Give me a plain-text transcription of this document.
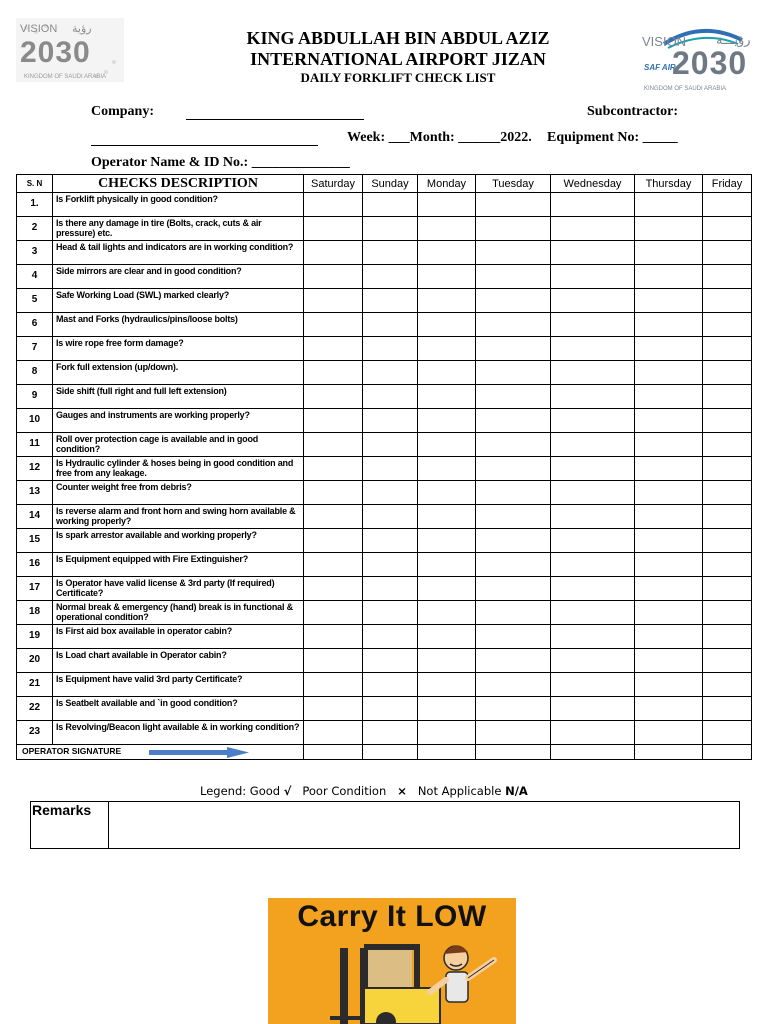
VISION رؤية
2030
KINGDOM OF SAUDI ARABIA
KING ABDULLAH BIN ABDUL AZIZ
INTERNATIONAL AIRPORT JIZAN
DAILY FORKLIFT CHECK LIST
VISION رؤيـــة
2030
SAF AIR
KINGDOM OF SAUDI ARABIA
Company:	Subcontractor:
Week: ___Month: ______2022. Equipment No: _____
Operator Name & ID No.: ______________
S. N	CHECKS DESCRIPTION	Saturday	Sunday	Monday	Tuesday	Wednesday	Thursday	Friday
1.	Is Forklift physically in good condition?							
2	Is there any damage in tire (Bolts, crack, cuts & air pressure) etc.							
3	Head & tail lights and indicators are in working condition?							
4	Side mirrors are clear and in good condition?							
5	Safe Working Load (SWL) marked clearly?							
6	Mast and Forks (hydraulics/pins/loose bolts)							
7	Is wire rope free form damage?							
8	Fork full extension (up/down).							
9	Side shift (full right and full left extension)							
10	Gauges and instruments are working properly?							
11	Roll over protection cage is available and in good condition?							
12	Is Hydraulic cylinder & hoses being in good condition and free from any leakage.							
13	Counter weight free from debris?							
14	Is reverse alarm and front horn and swing horn available & working properly?							
15	Is spark arrestor available and working properly?							
16	Is Equipment equipped with Fire Extinguisher?							
17	Is Operator have valid license & 3rd party (If required) Certificate?							
18	Normal break & emergency (hand) break is in functional & operational condition?							
19	Is First aid box available in operator cabin?							
20	Is Load chart available in Operator cabin?							
21	Is Equipment have valid 3rd party Certificate?							
22	Is Seatbelt available and `in good condition?							
23	Is Revolving/Beacon light available & in working condition?							
OPERATOR SIGNATURE	

Legend: Good √ Poor Condition × Not Applicable N/A
Remarks
Carry It LOW
